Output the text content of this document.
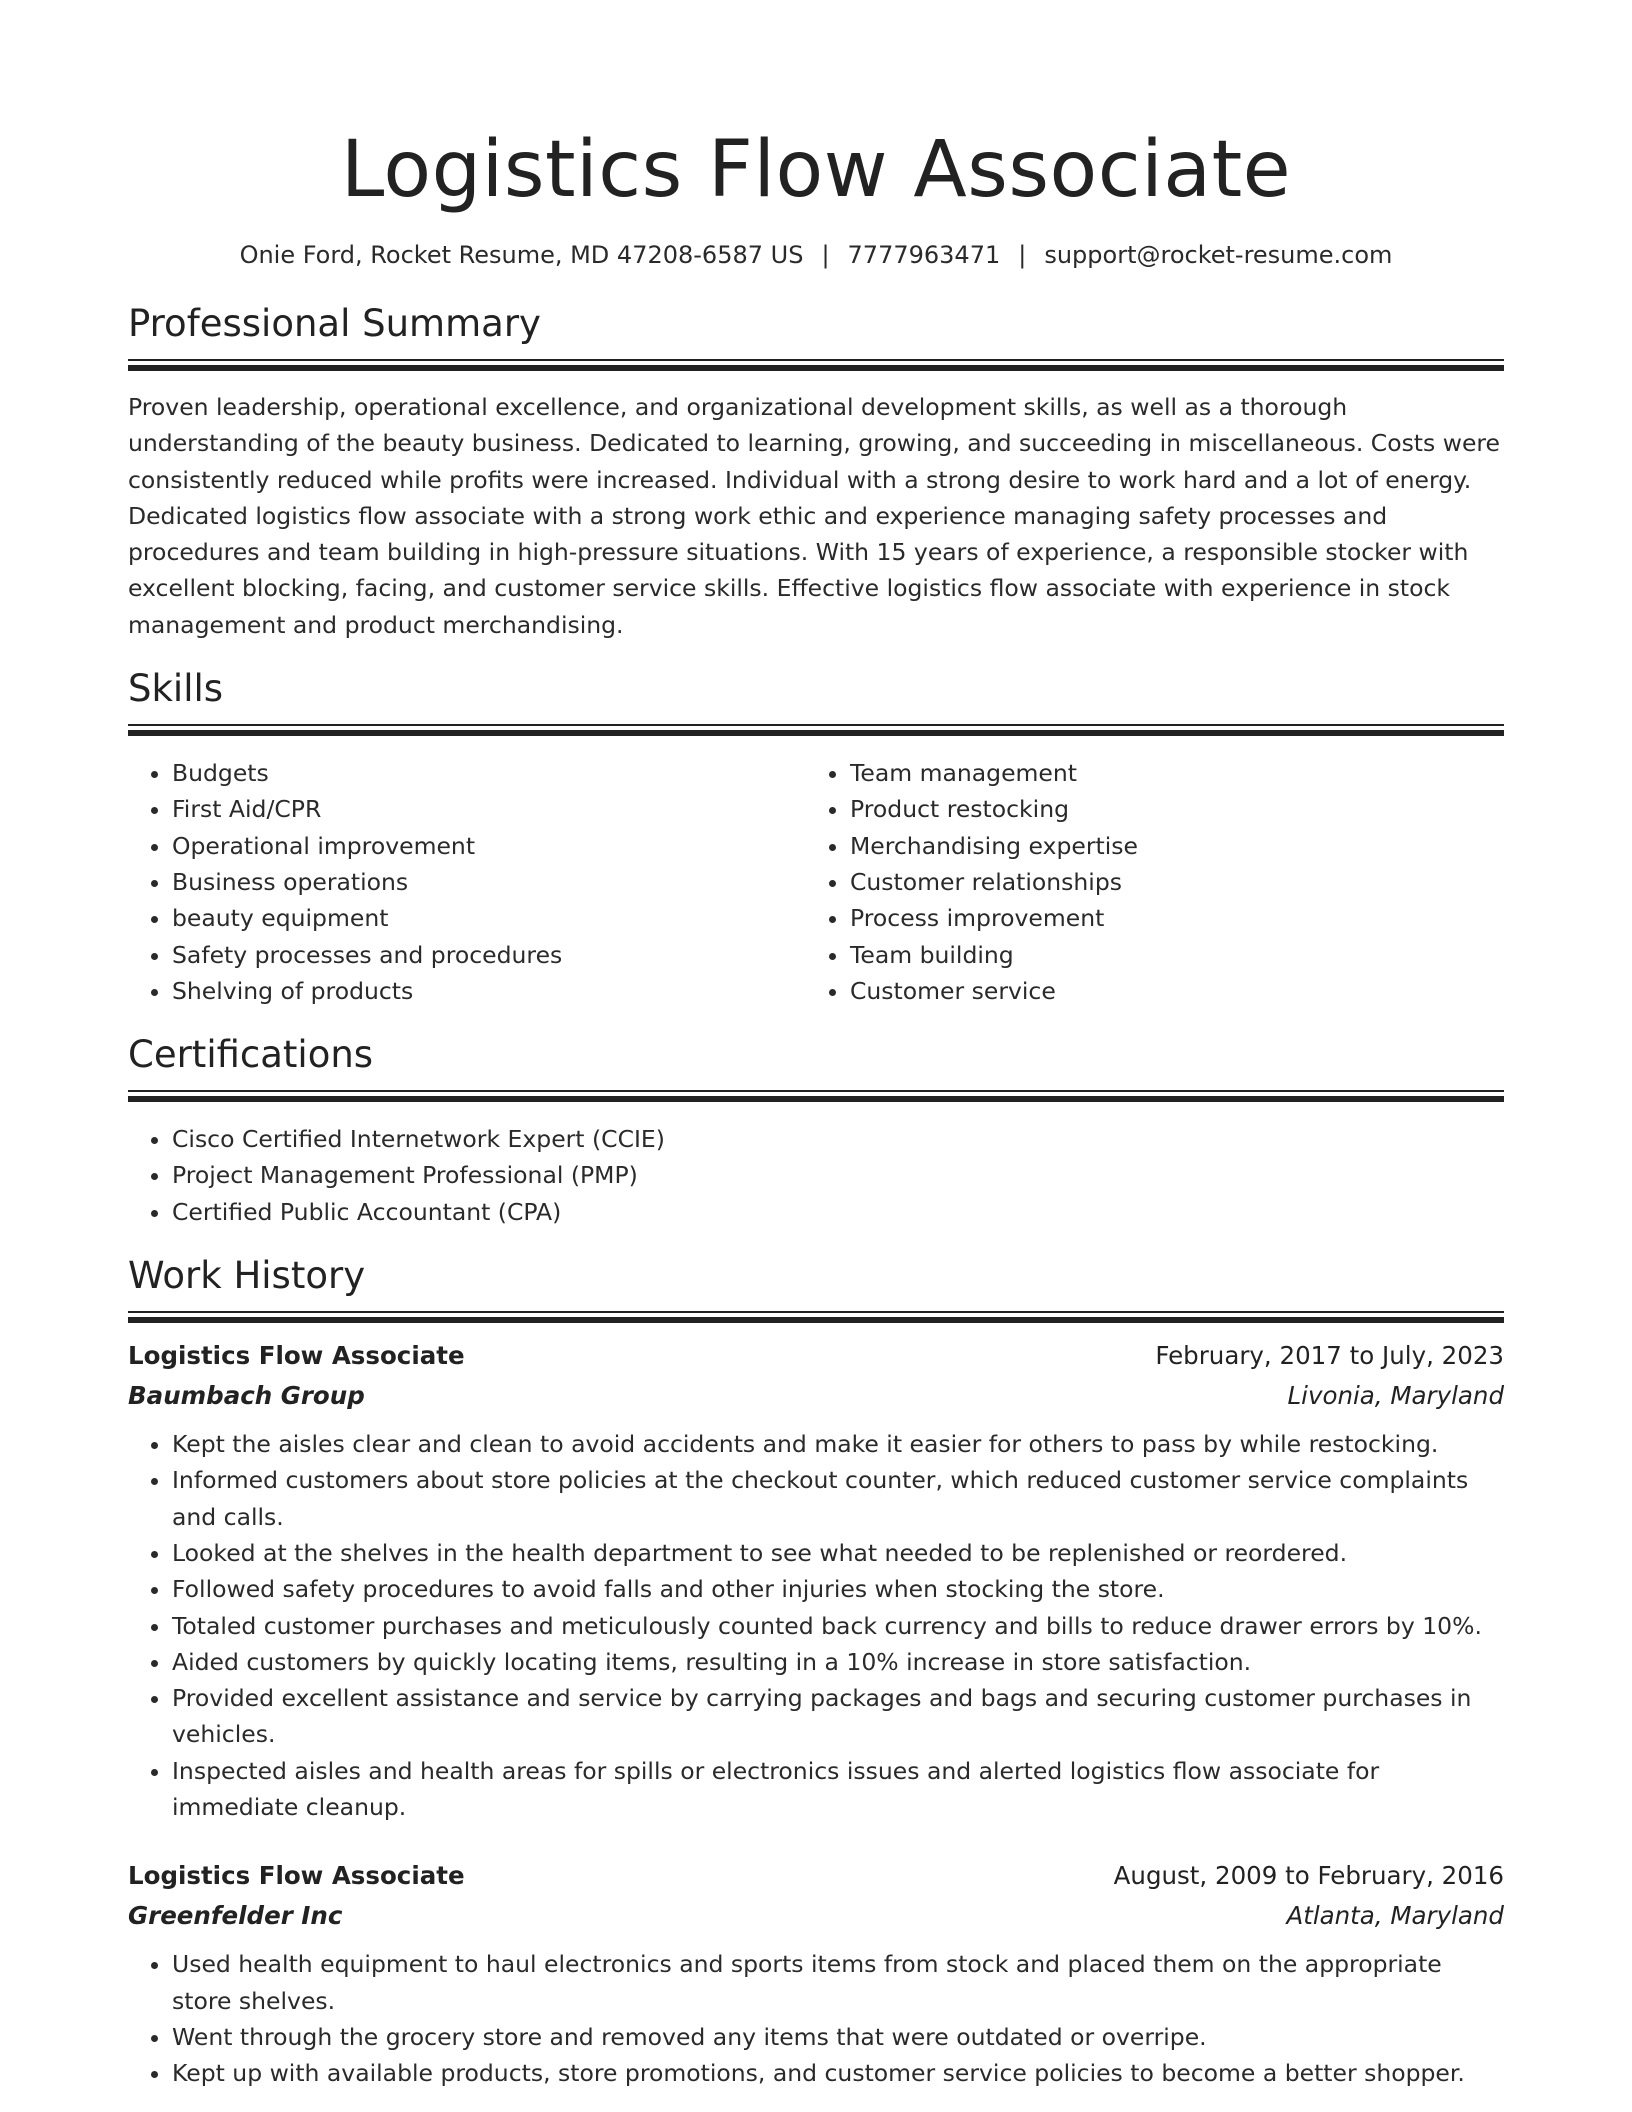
Logistics Flow Associate
Onie Ford, Rocket Resume, MD 47208-6587 US | 7777963471 | support@rocket-resume.com
Professional Summary
Proven leadership, operational excellence, and organizational development skills, as well as a thorough understanding of the beauty business. Dedicated to learning, growing, and succeeding in miscellaneous. Costs were consistently reduced while profits were increased. Individual with a strong desire to work hard and a lot of energy. Dedicated logistics flow associate with a strong work ethic and experience managing safety processes and procedures and team building in high-pressure situations. With 15 years of experience, a responsible stocker with excellent blocking, facing, and customer service skills. Effective logistics flow associate with experience in stock management and product merchandising.
Skills
• Budgets
• First Aid/CPR
• Operational improvement
• Business operations
• beauty equipment
• Safety processes and procedures
• Shelving of products
• Team management
• Product restocking
• Merchandising expertise
• Customer relationships
• Process improvement
• Team building
• Customer service
Certifications
• Cisco Certified Internetwork Expert (CCIE)
• Project Management Professional (PMP)
• Certified Public Accountant (CPA)
Work History
Logistics Flow Associate	February, 2017 to July, 2023
Baumbach Group	Livonia, Maryland
• Kept the aisles clear and clean to avoid accidents and make it easier for others to pass by while restocking.
• Informed customers about store policies at the checkout counter, which reduced customer service complaints and calls.
• Looked at the shelves in the health department to see what needed to be replenished or reordered.
• Followed safety procedures to avoid falls and other injuries when stocking the store.
• Totaled customer purchases and meticulously counted back currency and bills to reduce drawer errors by 10%.
• Aided customers by quickly locating items, resulting in a 10% increase in store satisfaction.
• Provided excellent assistance and service by carrying packages and bags and securing customer purchases in vehicles.
• Inspected aisles and health areas for spills or electronics issues and alerted logistics flow associate for immediate cleanup.
Logistics Flow Associate	August, 2009 to February, 2016
Greenfelder Inc	Atlanta, Maryland
• Used health equipment to haul electronics and sports items from stock and placed them on the appropriate store shelves.
• Went through the grocery store and removed any items that were outdated or overripe.
• Kept up with available products, store promotions, and customer service policies to become a better shopper.
